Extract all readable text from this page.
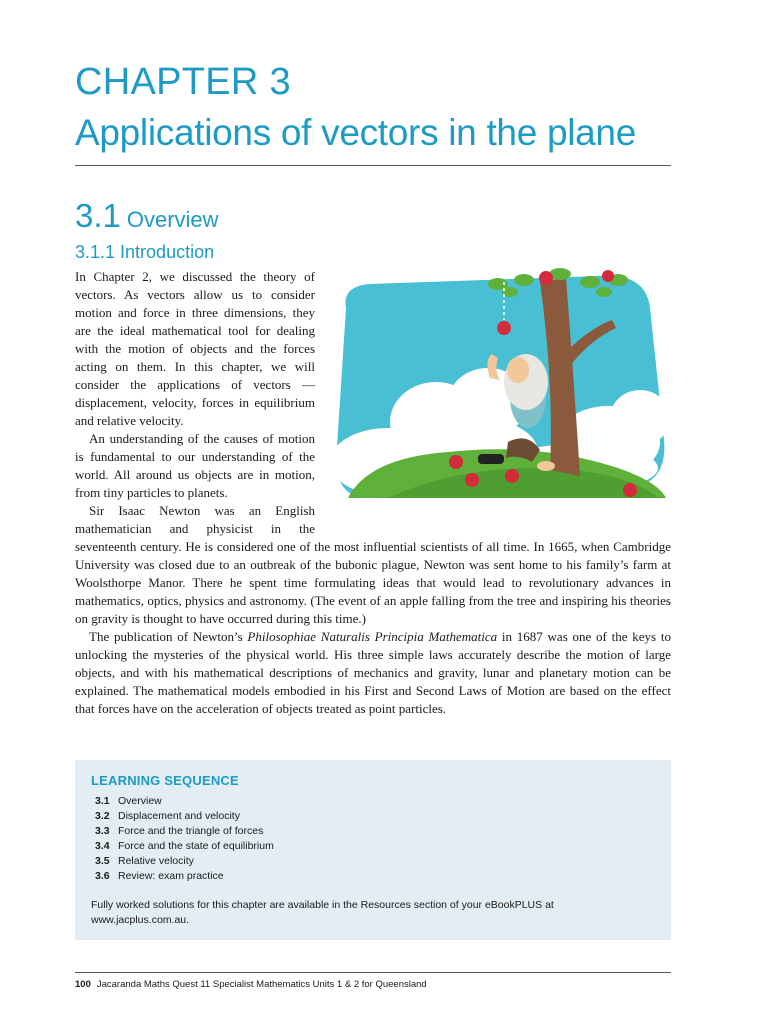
CHAPTER 3
Applications of vectors in the plane
3.1 Overview
3.1.1 Introduction

In Chapter 2, we discussed the theory of vectors. As vectors allow us to consider motion and force in three dimensions, they are the ideal mathematical tool for dealing with the motion of objects and the forces acting on them. In this chapter, we will consider the applications of vectors — displacement, velocity, forces in equilibrium and relative velocity.

An understanding of the causes of motion is fundamental to our understanding of the world. All around us objects are in motion, from tiny particles to planets.

Sir Isaac Newton was an English mathematician and physicist in the

seventeenth century. He is considered one of the most influential scientists of all time. In 1665, when Cambridge University was closed due to an outbreak of the bubonic plague, Newton was sent home to his family’s farm at Woolsthorpe Manor. There he spent time formulating ideas that would lead to revolutionary advances in mathematics, optics, physics and astronomy. (The event of an apple falling from the tree and inspiring his theories on gravity is thought to have occurred during this time.)

The publication of Newton’s Philosophiae Naturalis Principia Mathematica in 1687 was one of the keys to unlocking the mysteries of the physical world. His three simple laws accurately describe the motion of large objects, and with his mathematical descriptions of mechanics and gravity, lunar and planetary motion can be explained. The mathematical models embodied in his First and Second Laws of Motion are based on the effect that forces have on the acceleration of objects treated as point particles.

LEARNING SEQUENCE
3.1 Overview
3.2 Displacement and velocity
3.3 Force and the triangle of forces
3.4 Force and the state of equilibrium
3.5 Relative velocity
3.6 Review: exam practice

Fully worked solutions for this chapter are available in the Resources section of your eBookPLUS at www.jacplus.com.au.

100 Jacaranda Maths Quest 11 Specialist Mathematics Units 1 & 2 for Queensland
